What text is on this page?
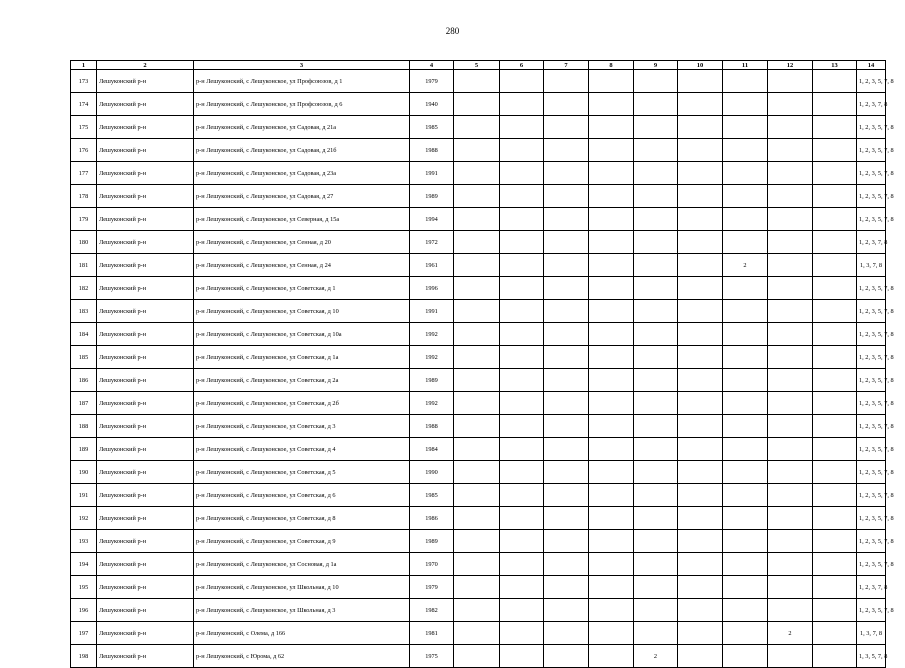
280
1	2	3	4	5	6	7	8	9	10	11	12	13	14
173	Лешуконский р-н	р-н Лешуконский, с Лешуконское, ул Профсоюзов, д 1	1979										1, 2, 3, 5, 7, 8
174	Лешуконский р-н	р-н Лешуконский, с Лешуконское, ул Профсоюзов, д 6	1940										1, 2, 3, 7, 8
175	Лешуконский р-н	р-н Лешуконский, с Лешуконское, ул Садовая, д 21а	1985										1, 2, 3, 5, 7, 8
176	Лешуконский р-н	р-н Лешуконский, с Лешуконское, ул Садовая, д 21б	1988										1, 2, 3, 5, 7, 8
177	Лешуконский р-н	р-н Лешуконский, с Лешуконское, ул Садовая, д 23а	1991										1, 2, 3, 5, 7, 8
178	Лешуконский р-н	р-н Лешуконский, с Лешуконское, ул Садовая, д 27	1989										1, 2, 3, 5, 7, 8
179	Лешуконский р-н	р-н Лешуконский, с Лешуконское, ул Северная, д 15а	1994										1, 2, 3, 5, 7, 8
180	Лешуконский р-н	р-н Лешуконский, с Лешуконское, ул Сенная, д 20	1972										1, 2, 3, 7, 8
181	Лешуконский р-н	р-н Лешуконский, с Лешуконское, ул Сенная, д 24	1961							2			1, 3, 7, 8
182	Лешуконский р-н	р-н Лешуконский, с Лешуконское, ул Советская, д 1	1996										1, 2, 3, 5, 7, 8
183	Лешуконский р-н	р-н Лешуконский, с Лешуконское, ул Советская, д 10	1991										1, 2, 3, 5, 7, 8
184	Лешуконский р-н	р-н Лешуконский, с Лешуконское, ул Советская, д 10а	1992										1, 2, 3, 5, 7, 8
185	Лешуконский р-н	р-н Лешуконский, с Лешуконское, ул Советская, д 1а	1992										1, 2, 3, 5, 7, 8
186	Лешуконский р-н	р-н Лешуконский, с Лешуконское, ул Советская, д 2а	1989										1, 2, 3, 5, 7, 8
187	Лешуконский р-н	р-н Лешуконский, с Лешуконское, ул Советская, д 2б	1992										1, 2, 3, 5, 7, 8
188	Лешуконский р-н	р-н Лешуконский, с Лешуконское, ул Советская, д 3	1988										1, 2, 3, 5, 7, 8
189	Лешуконский р-н	р-н Лешуконский, с Лешуконское, ул Советская, д 4	1984										1, 2, 3, 5, 7, 8
190	Лешуконский р-н	р-н Лешуконский, с Лешуконское, ул Советская, д 5	1990										1, 2, 3, 5, 7, 8
191	Лешуконский р-н	р-н Лешуконский, с Лешуконское, ул Советская, д 6	1985										1, 2, 3, 5, 7, 8
192	Лешуконский р-н	р-н Лешуконский, с Лешуконское, ул Советская, д 8	1986										1, 2, 3, 5, 7, 8
193	Лешуконский р-н	р-н Лешуконский, с Лешуконское, ул Советская, д 9	1989										1, 2, 3, 5, 7, 8
194	Лешуконский р-н	р-н Лешуконский, с Лешуконское, ул Сосновая, д 1а	1970										1, 2, 3, 5, 7, 8
195	Лешуконский р-н	р-н Лешуконский, с Лешуконское, ул Школьная, д 10	1979										1, 2, 3, 7, 8
196	Лешуконский р-н	р-н Лешуконский, с Лешуконское, ул Школьная, д 3	1982										1, 2, 3, 5, 7, 8
197	Лешуконский р-н	р-н Лешуконский, с Олема, д 166	1981								2		1, 3, 7, 8
198	Лешуконский р-н	р-н Лешуконский, с Юрома, д 62	1975					2					1, 3, 5, 7, 8
